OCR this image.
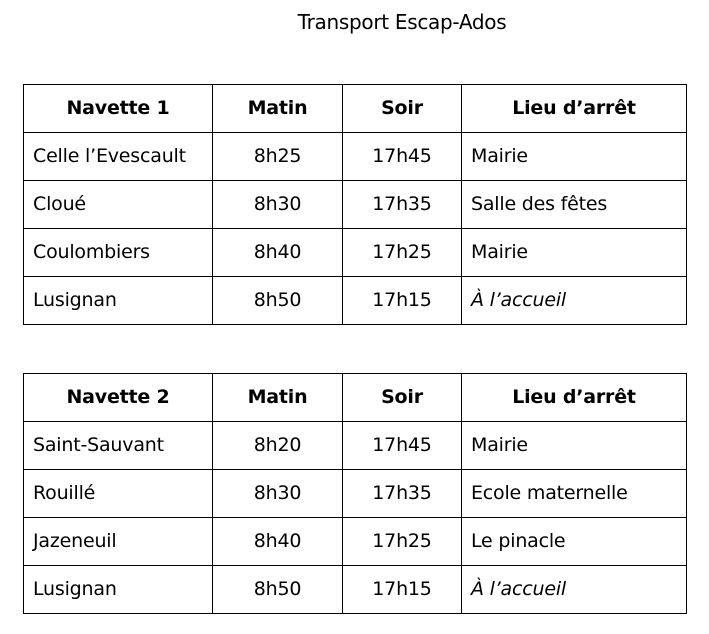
Transport Escap-Ados
Navette 1	Matin	Soir	Lieu d’arrêt
Celle l’Evescault	8h25	17h45	Mairie
Cloué	8h30	17h35	Salle des fêtes
Coulombiers	8h40	17h25	Mairie
Lusignan	8h50	17h15	À l’accueil
Navette 2	Matin	Soir	Lieu d’arrêt
Saint-Sauvant	8h20	17h45	Mairie
Rouillé	8h30	17h35	Ecole maternelle
Jazeneuil	8h40	17h25	Le pinacle
Lusignan	8h50	17h15	À l’accueil
